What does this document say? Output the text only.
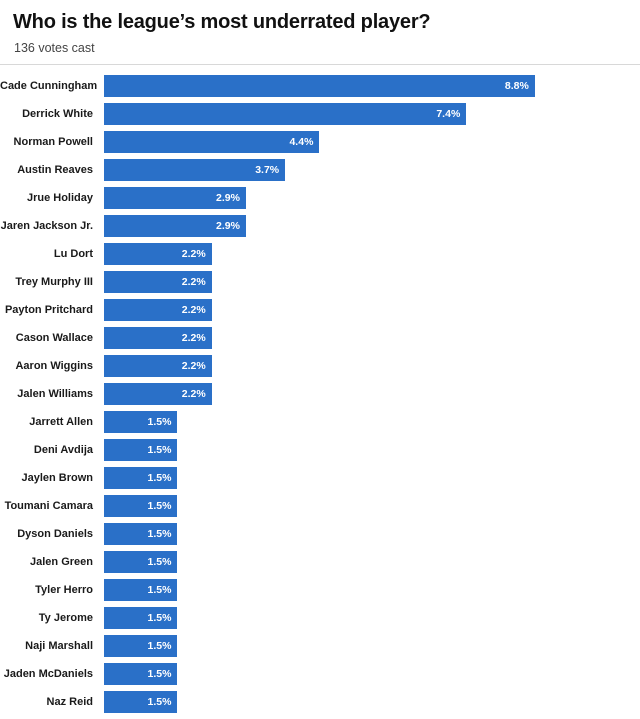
Who is the league’s most underrated player?
136 votes cast
Cade Cunningham	8.8%
Derrick White	7.4%
Norman Powell	4.4%
Austin Reaves	3.7%
Jrue Holiday	2.9%
Jaren Jackson Jr.	2.9%
Lu Dort	2.2%
Trey Murphy III	2.2%
Payton Pritchard	2.2%
Cason Wallace	2.2%
Aaron Wiggins	2.2%
Jalen Williams	2.2%
Jarrett Allen	1.5%
Deni Avdija	1.5%
Jaylen Brown	1.5%
Toumani Camara	1.5%
Dyson Daniels	1.5%
Jalen Green	1.5%
Tyler Herro	1.5%
Ty Jerome	1.5%
Naji Marshall	1.5%
Jaden McDaniels	1.5%
Naz Reid	1.5%
